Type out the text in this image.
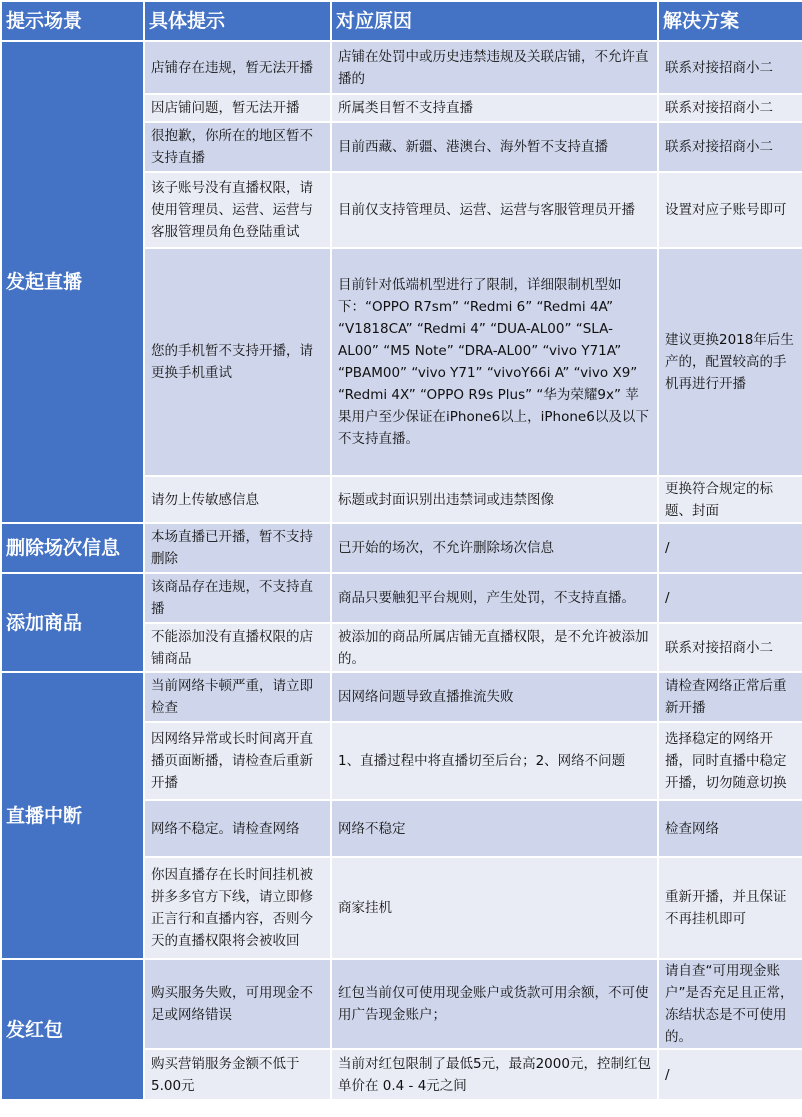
提示场景	具体提示	对应原因	解决方案
发起直播	店铺存在违规，暂无法开播	店铺在处罚中或历史违禁违规及关联店铺，不允许直播的	联系对接招商小二
	因店铺问题，暂无法开播	所属类目暂不支持直播	联系对接招商小二
	很抱歉，你所在的地区暂不支持直播	目前西藏、新疆、港澳台、海外暂不支持直播	联系对接招商小二
	该子账号没有直播权限，请使用管理员、运营、运营与客服管理员角色登陆重试	目前仅支持管理员、运营、运营与客服管理员开播	设置对应子账号即可
	您的手机暂不支持开播，请更换手机重试	目前针对低端机型进行了限制，详细限制机型如下：“OPPO R7sm” “Redmi 6” “Redmi 4A” “V1818CA” “Redmi 4” “DUA-AL00” “SLA-AL00” “M5 Note” “DRA-AL00” “vivo Y71A” “PBAM00” “vivo Y71” “vivoY66i A” “vivo X9” “Redmi 4X” “OPPO R9s Plus” “华为荣耀9x” 苹果用户至少保证在iPhone6以上，iPhone6以及以下不支持直播。	建议更换2018年后生产的，配置较高的手机再进行开播
	请勿上传敏感信息	标题或封面识别出违禁词或违禁图像	更换符合规定的标题、封面
删除场次信息	本场直播已开播，暂不支持删除	已开始的场次，不允许删除场次信息	/
添加商品	该商品存在违规，不支持直播	商品只要触犯平台规则，产生处罚，不支持直播。	/
	不能添加没有直播权限的店铺商品	被添加的商品所属店铺无直播权限，是不允许被添加的。	联系对接招商小二
直播中断	当前网络卡顿严重，请立即检查	因网络问题导致直播推流失败	请检查网络正常后重新开播
	因网络异常或长时间离开直播页面断播，请检查后重新开播	1、直播过程中将直播切至后台；2、网络不问题	选择稳定的网络开播，同时直播中稳定开播，切勿随意切换
	网络不稳定。请检查网络	网络不稳定	检查网络
	你因直播存在长时间挂机被拼多多官方下线，请立即修正言行和直播内容，否则今天的直播权限将会被收回	商家挂机	重新开播，并且保证不再挂机即可
发红包	购买服务失败，可用现金不足或网络错误	红包当前仅可使用现金账户或货款可用余额，不可使用广告现金账户；	请自查“可用现金账户”是否充足且正常，冻结状态是不可使用的。
	购买营销服务金额不低于5.00元	当前对红包限制了最低5元，最高2000元，控制红包单价在 0.4 - 4元之间	/
